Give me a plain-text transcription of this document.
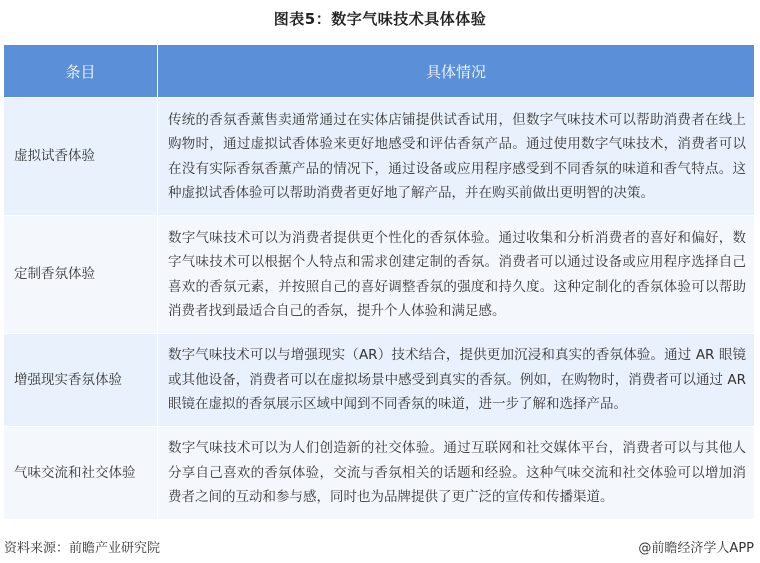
图表5：数字气味技术具体体验
条目	具体情况
虚拟试香体验	传统的香氛香薰售卖通常通过在实体店铺提供试香试用，但数字气味技术可以帮助消费者在线上购物时，通过虚拟试香体验来更好地感受和评估香氛产品。通过使用数字气味技术，消费者可以在没有实际香氛香薰产品的情况下，通过设备或应用程序感受到不同香氛的味道和香气特点。这种虚拟试香体验可以帮助消费者更好地了解产品，并在购买前做出更明智的决策。
定制香氛体验	数字气味技术可以为消费者提供更个性化的香氛体验。通过收集和分析消费者的喜好和偏好，数字气味技术可以根据个人特点和需求创建定制的香氛。消费者可以通过设备或应用程序选择自己喜欢的香氛元素，并按照自己的喜好调整香氛的强度和持久度。这种定制化的香氛体验可以帮助消费者找到最适合自己的香氛，提升个人体验和满足感。
增强现实香氛体验	数字气味技术可以与增强现实（AR）技术结合，提供更加沉浸和真实的香氛体验。通过 AR 眼镜或其他设备，消费者可以在虚拟场景中感受到真实的香氛。例如，在购物时，消费者可以通过 AR 眼镜在虚拟的香氛展示区域中闻到不同香氛的味道，进一步了解和选择产品。
气味交流和社交体验	数字气味技术可以为人们创造新的社交体验。通过互联网和社交媒体平台，消费者可以与其他人分享自己喜欢的香氛体验，交流与香氛相关的话题和经验。这种气味交流和社交体验可以增加消费者之间的互动和参与感，同时也为品牌提供了更广泛的宣传和传播渠道。
资料来源：前瞻产业研究院	@前瞻经济学人APP
